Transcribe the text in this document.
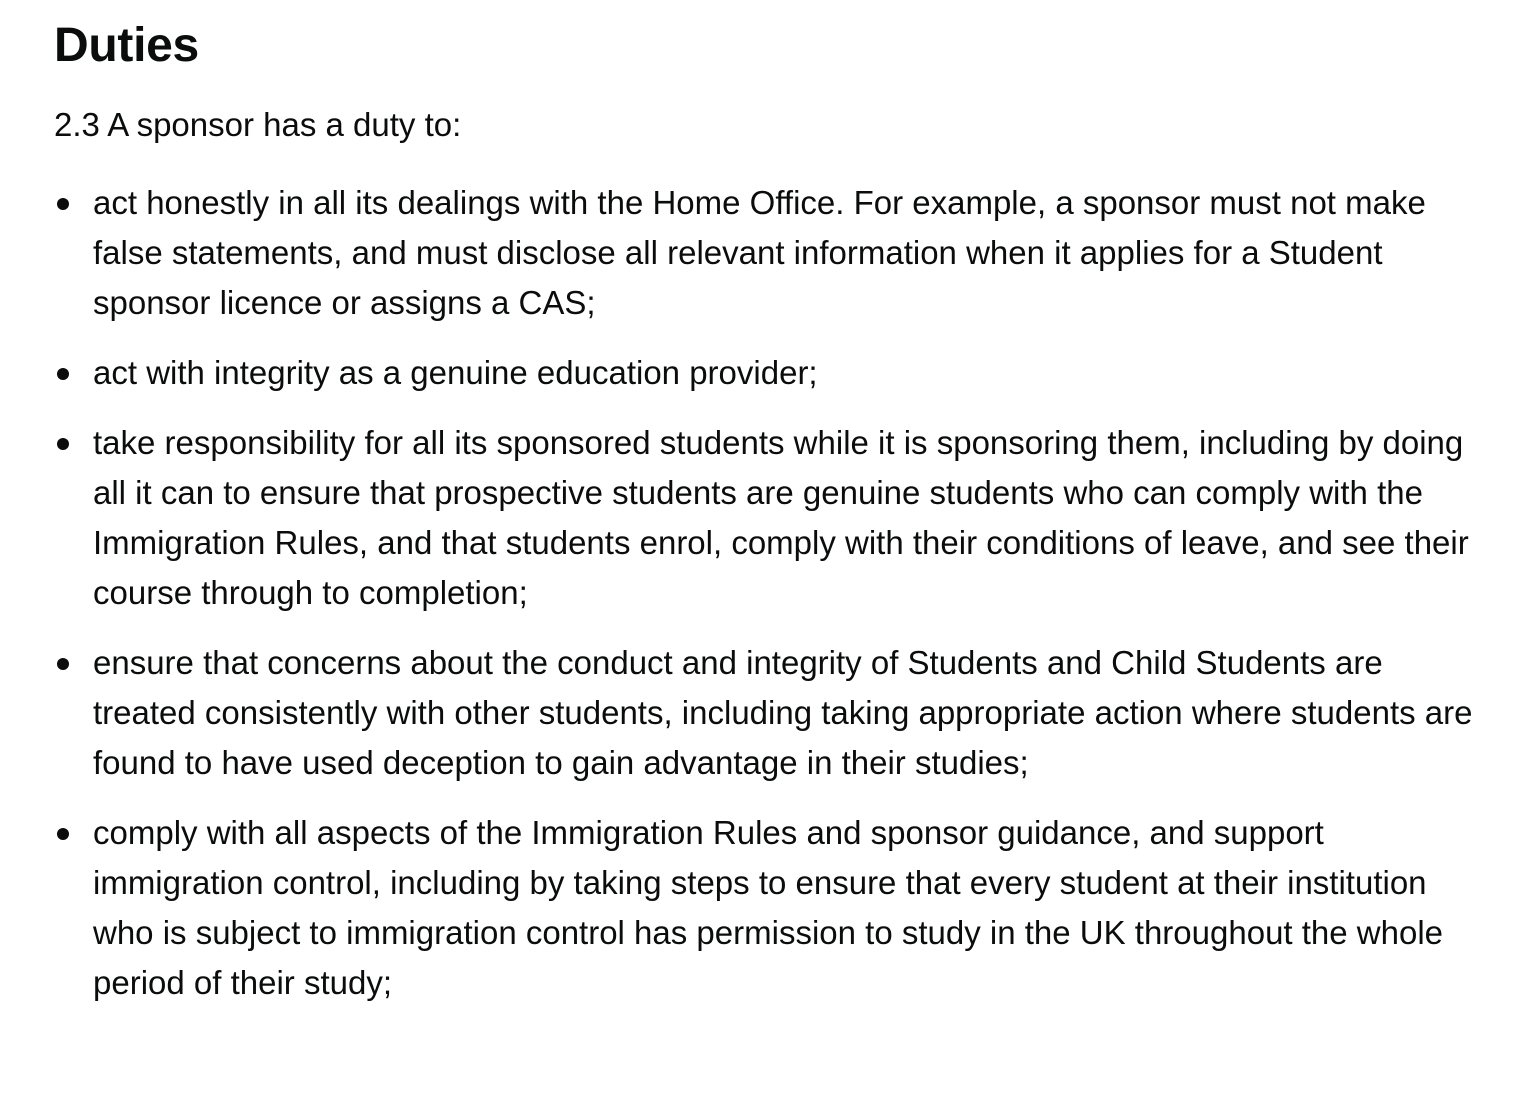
Duties

2.3 A sponsor has a duty to:

act honestly in all its dealings with the Home Office. For example, a sponsor must not make false statements, and must disclose all relevant information when it applies for a Student sponsor licence or assigns a CAS;
act with integrity as a genuine education provider;
take responsibility for all its sponsored students while it is sponsoring them, including by doing all it can to ensure that prospective students are genuine students who can comply with the Immigration Rules, and that students enrol, comply with their conditions of leave, and see their course through to completion;
ensure that concerns about the conduct and integrity of Students and Child Students are treated consistently with other students, including taking appropriate action where students are found to have used deception to gain advantage in their studies;
comply with all aspects of the Immigration Rules and sponsor guidance, and support immigration control, including by taking steps to ensure that every student at their institution who is subject to immigration control has permission to study in the UK throughout the whole period of their study;
